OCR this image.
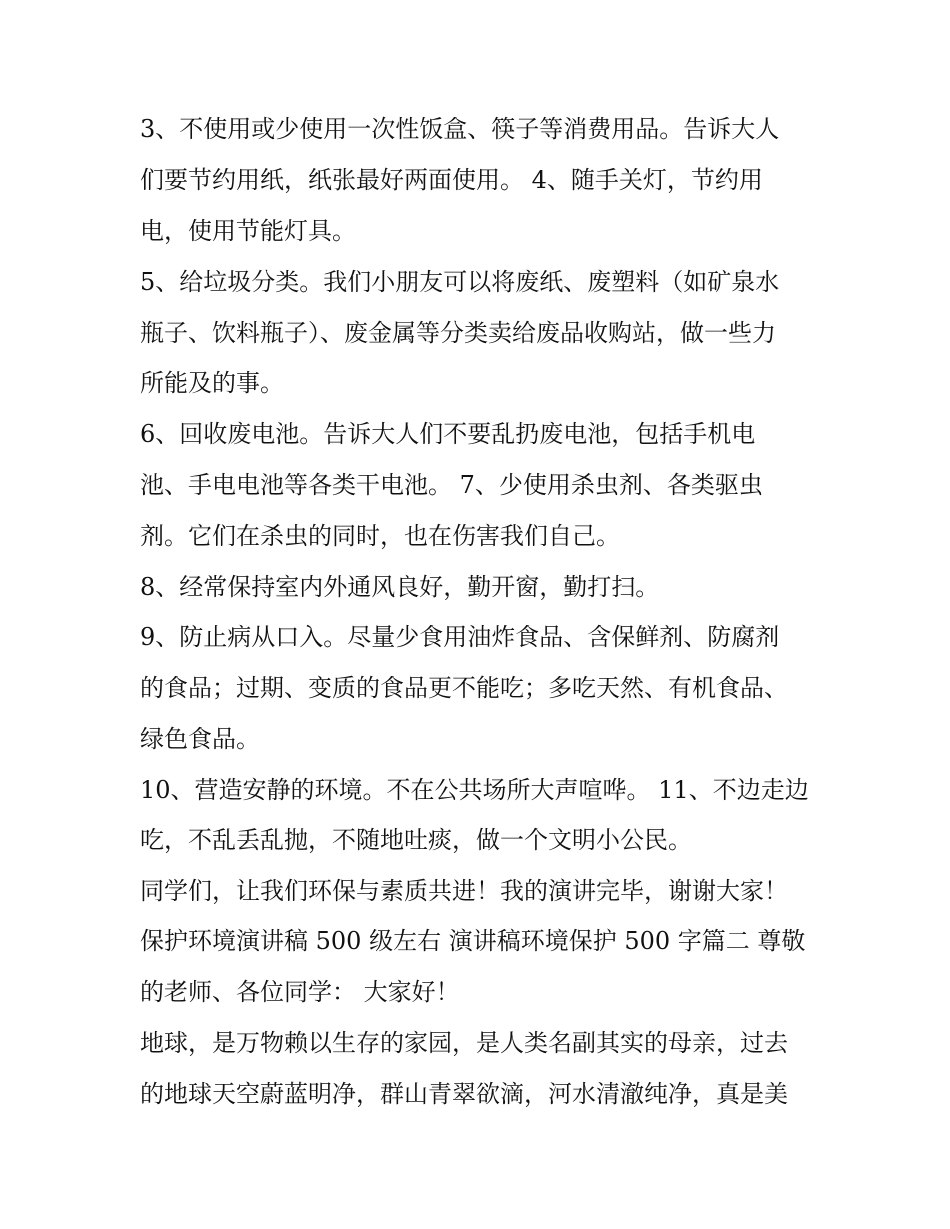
3、不使用或少使用一次性饭盒、筷子等消费用品。告诉大人

们要节约用纸，纸张最好两面使用。 4、随手关灯，节约用

电，使用节能灯具。

5、给垃圾分类。我们小朋友可以将废纸、废塑料（如矿泉水

瓶子、饮料瓶子）、废金属等分类卖给废品收购站，做一些力

所能及的事。

6、回收废电池。告诉大人们不要乱扔废电池，包括手机电

池、手电电池等各类干电池。 7、少使用杀虫剂、各类驱虫

剂。它们在杀虫的同时，也在伤害我们自己。

8、经常保持室内外通风良好，勤开窗，勤打扫。

9、防止病从口入。尽量少食用油炸食品、含保鲜剂、防腐剂

的食品；过期、变质的食品更不能吃；多吃天然、有机食品、

绿色食品。

10、营造安静的环境。不在公共场所大声喧哗。 11、不边走边

吃，不乱丢乱抛，不随地吐痰，做一个文明小公民。

同学们，让我们环保与素质共进！我的演讲完毕，谢谢大家！

保护环境演讲稿 500 级左右 演讲稿环境保护 500 字篇二 尊敬

的老师、各位同学： 大家好！

地球，是万物赖以生存的家园，是人类名副其实的母亲，过去

的地球天空蔚蓝明净，群山青翠欲滴，河水清澈纯净，真是美
